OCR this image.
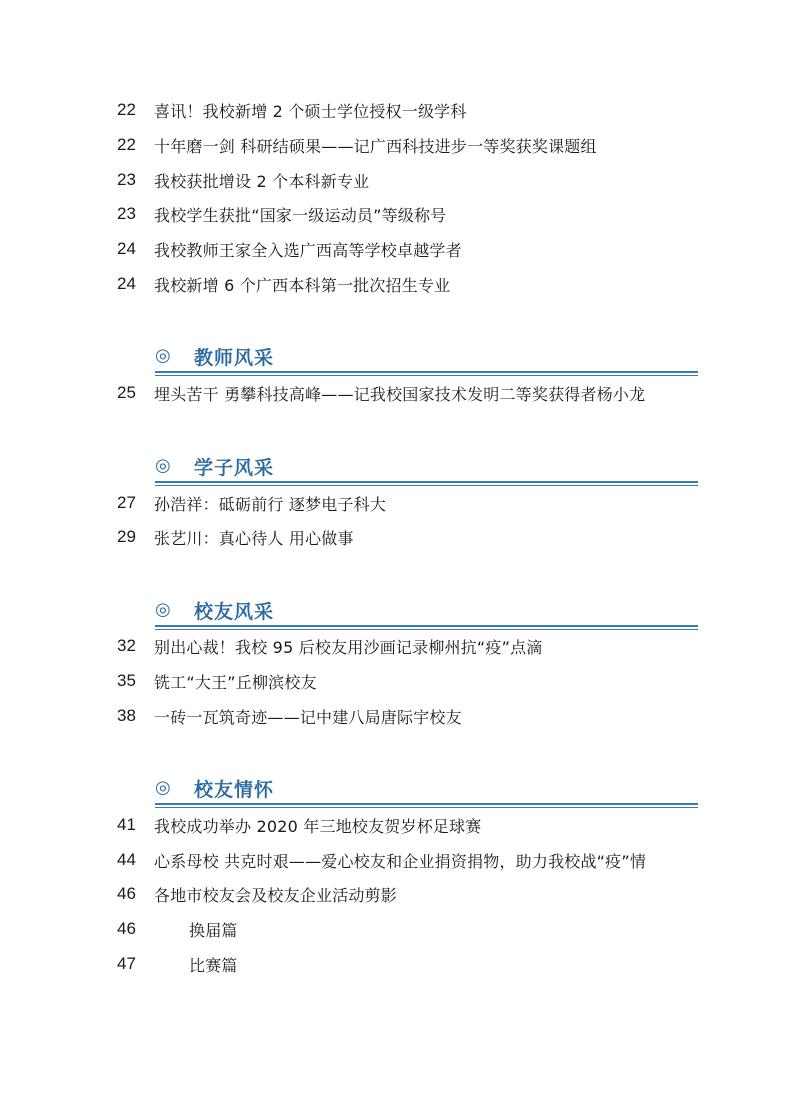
22	喜讯！我校新增 2 个硕士学位授权一级学科
22	十年磨一剑 科研结硕果——记广西科技进步一等奖获奖课题组
23	我校获批增设 2 个本科新专业
23	我校学生获批“国家一级运动员”等级称号
24	我校教师王家全入选广西高等学校卓越学者
24	我校新增 6 个广西本科第一批次招生专业
◎ 教师风采
25	埋头苦干 勇攀科技高峰——记我校国家技术发明二等奖获得者杨小龙
◎ 学子风采
27	孙浩祥：砥砺前行 逐梦电子科大
29	张艺川：真心待人 用心做事
◎ 校友风采
32	别出心裁！我校 95 后校友用沙画记录柳州抗“疫”点滴
35	铣工“大王”丘柳滨校友
38	一砖一瓦筑奇迹——记中建八局唐际宇校友
◎ 校友情怀
41	我校成功举办 2020 年三地校友贺岁杯足球赛
44	心系母校 共克时艰——爱心校友和企业捐资捐物，助力我校战“疫”情
46	各地市校友会及校友企业活动剪影
46	换届篇
47	比赛篇
